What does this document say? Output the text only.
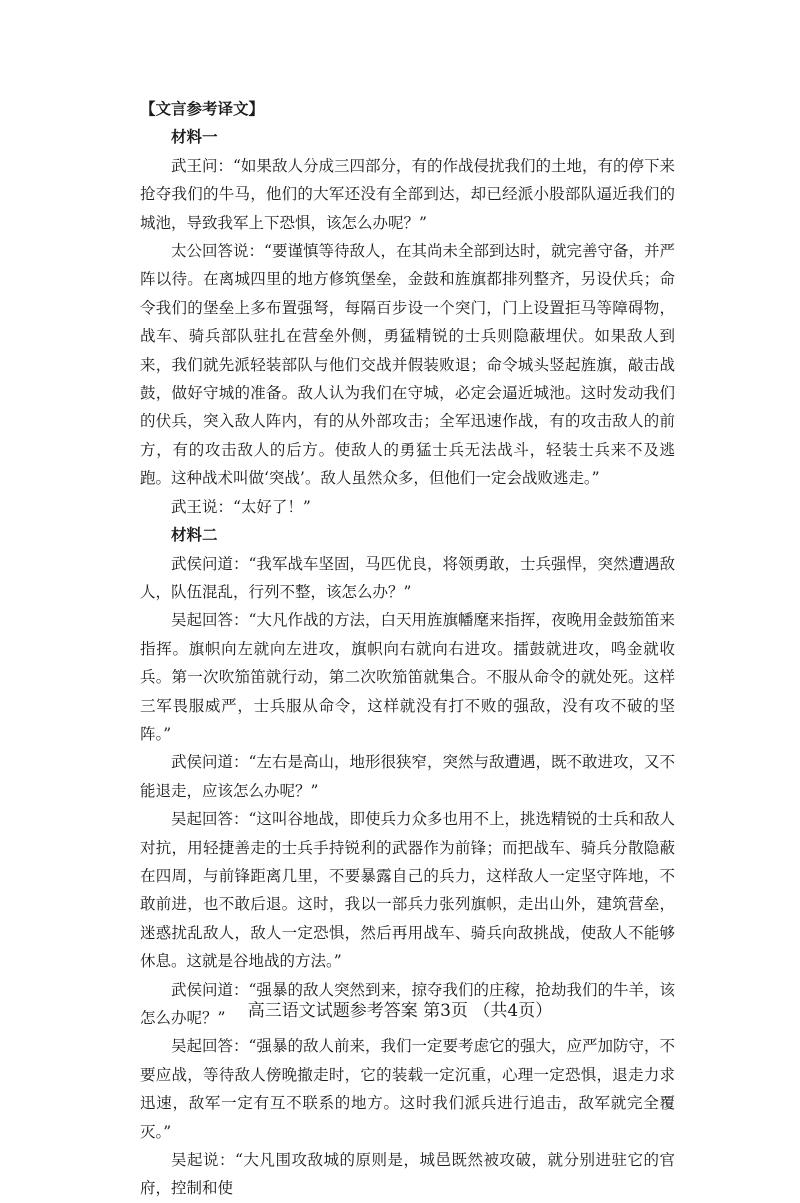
【文言参考译文】

材料一

武王问：“如果敌人分成三四部分，有的作战侵扰我们的土地，有的停下来抢夺我们的牛马，他们的大军还没有全部到达，却已经派小股部队逼近我们的城池，导致我军上下恐惧，该怎么办呢？”

太公回答说：“要谨慎等待敌人，在其尚未全部到达时，就完善守备，并严阵以待。在离城四里的地方修筑堡垒，金鼓和旌旗都排列整齐，另设伏兵；命令我们的堡垒上多布置强弩，每隔百步设一个突门，门上设置拒马等障碍物，战车、骑兵部队驻扎在营垒外侧，勇猛精锐的士兵则隐蔽埋伏。如果敌人到来，我们就先派轻装部队与他们交战并假装败退；命令城头竖起旌旗，敲击战鼓，做好守城的准备。敌人认为我们在守城，必定会逼近城池。这时发动我们的伏兵，突入敌人阵内，有的从外部攻击；全军迅速作战，有的攻击敌人的前方，有的攻击敌人的后方。使敌人的勇猛士兵无法战斗，轻装士兵来不及逃跑。这种战术叫做‘突战’。敌人虽然众多，但他们一定会战败逃走。”

武王说：“太好了！”

材料二

武侯问道：“我军战车坚固，马匹优良，将领勇敢，士兵强悍，突然遭遇敌人，队伍混乱，行列不整，该怎么办？”

吴起回答：“大凡作战的方法，白天用旌旗幡麾来指挥，夜晚用金鼓笳笛来指挥。旗帜向左就向左进攻，旗帜向右就向右进攻。擂鼓就进攻，鸣金就收兵。第一次吹笳笛就行动，第二次吹笳笛就集合。不服从命令的就处死。这样三军畏服威严，士兵服从命令，这样就没有打不败的强敌，没有攻不破的坚阵。”

武侯问道：“左右是高山，地形很狭窄，突然与敌遭遇，既不敢进攻，又不能退走，应该怎么办呢？”

吴起回答：“这叫谷地战，即使兵力众多也用不上，挑选精锐的士兵和敌人对抗，用轻捷善走的士兵手持锐利的武器作为前锋；而把战车、骑兵分散隐蔽在四周，与前锋距离几里，不要暴露自己的兵力，这样敌人一定坚守阵地，不敢前进，也不敢后退。这时，我以一部兵力张列旗帜，走出山外，建筑营垒，迷惑扰乱敌人，敌人一定恐惧，然后再用战车、骑兵向敌挑战，使敌人不能够休息。这就是谷地战的方法。”

武侯问道：“强暴的敌人突然到来，掠夺我们的庄稼，抢劫我们的牛羊，该怎么办呢？”

吴起回答：“强暴的敌人前来，我们一定要考虑它的强大，应严加防守，不要应战，等待敌人傍晚撤走时，它的装载一定沉重，心理一定恐惧，退走力求迅速，敌军一定有互不联系的地方。这时我们派兵进行追击，敌军就完全覆灭。”

吴起说：“大凡围攻敌城的原则是，城邑既然被攻破，就分别进驻它的官府，控制和使

高三语文试题参考答案 第3页 （共4页）
